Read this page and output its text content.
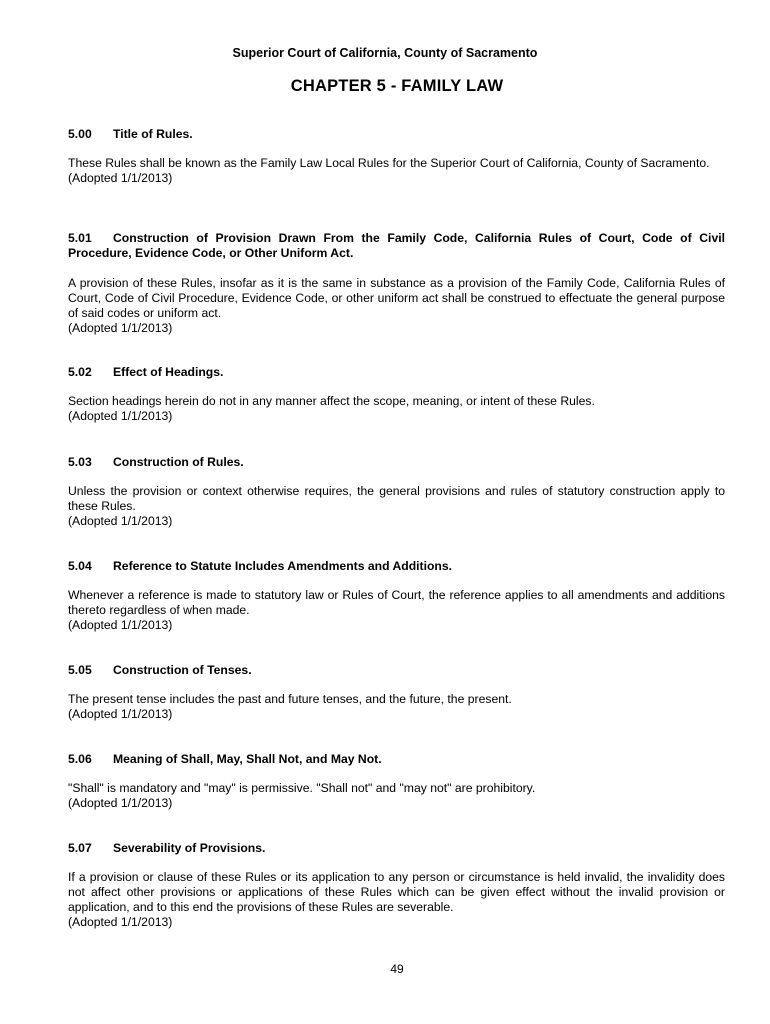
Superior Court of California, County of Sacramento
CHAPTER 5 - FAMILY LAW

5.00 Title of Rules.

These Rules shall be known as the Family Law Local Rules for the Superior Court of California, County of Sacramento.

(Adopted 1/1/2013)

5.01 Construction of Provision Drawn From the Family Code, California Rules of Court, Code of Civil Procedure, Evidence Code, or Other Uniform Act.

A provision of these Rules, insofar as it is the same in substance as a provision of the Family Code, California Rules of Court, Code of Civil Procedure, Evidence Code, or other uniform act shall be construed to effectuate the general purpose of said codes or uniform act.

(Adopted 1/1/2013)

5.02 Effect of Headings.

Section headings herein do not in any manner affect the scope, meaning, or intent of these Rules.

(Adopted 1/1/2013)

5.03 Construction of Rules.

Unless the provision or context otherwise requires, the general provisions and rules of statutory construction apply to these Rules.

(Adopted 1/1/2013)

5.04 Reference to Statute Includes Amendments and Additions.

Whenever a reference is made to statutory law or Rules of Court, the reference applies to all amendments and additions thereto regardless of when made.

(Adopted 1/1/2013)

5.05 Construction of Tenses.

The present tense includes the past and future tenses, and the future, the present.

(Adopted 1/1/2013)

5.06 Meaning of Shall, May, Shall Not, and May Not.

"Shall" is mandatory and "may" is permissive. "Shall not" and "may not" are prohibitory.

(Adopted 1/1/2013)

5.07 Severability of Provisions.

If a provision or clause of these Rules or its application to any person or circumstance is held invalid, the invalidity does not affect other provisions or applications of these Rules which can be given effect without the invalid provision or application, and to this end the provisions of these Rules are severable.

(Adopted 1/1/2013)

49
